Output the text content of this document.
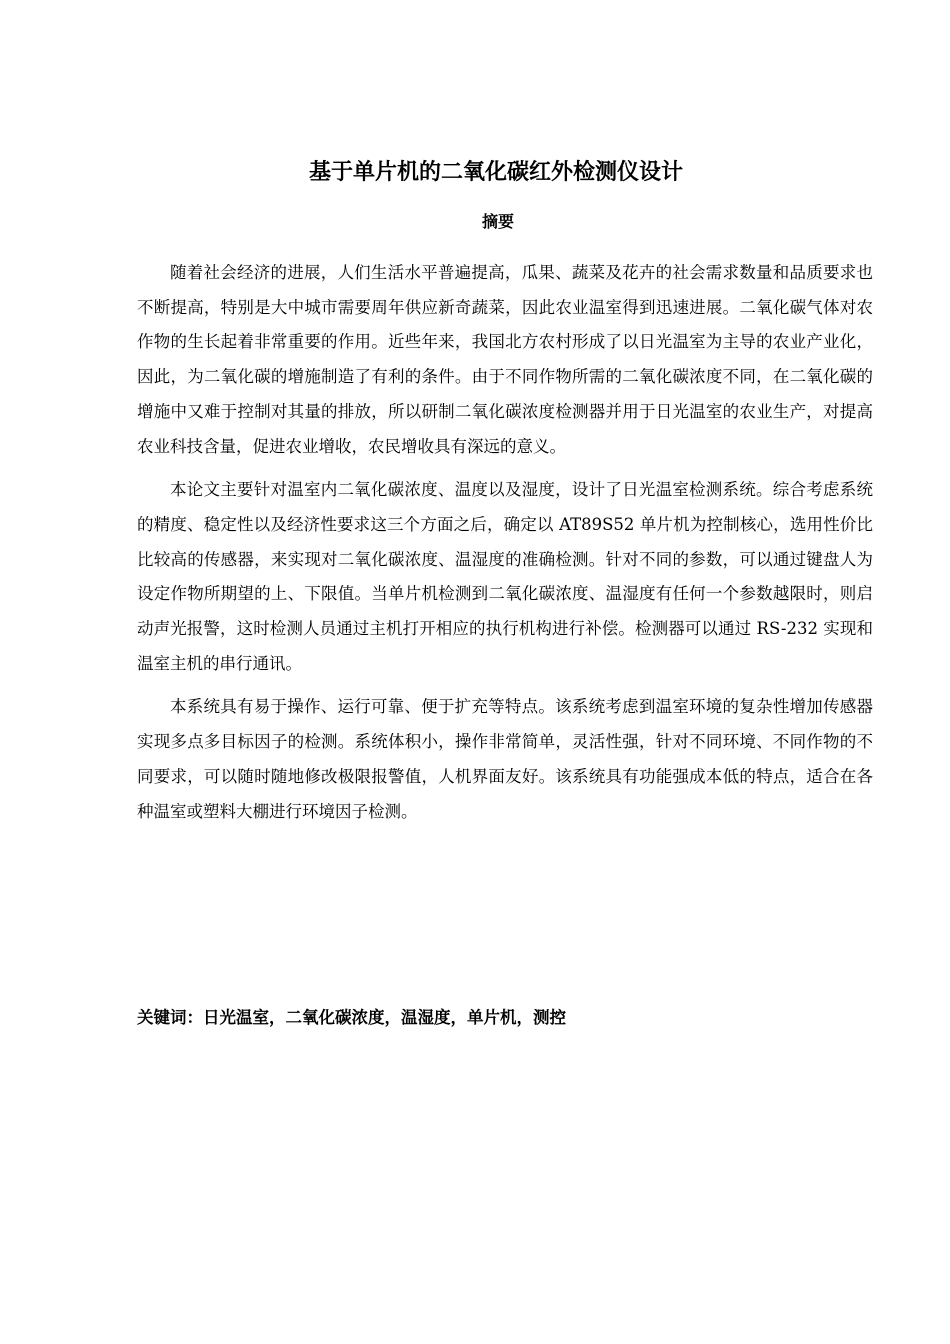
基于单片机的二氧化碳红外检测仪设计
摘要

随着社会经济的进展，人们生活水平普遍提高，瓜果、蔬菜及花卉的社会需求数量和品质要求也不断提高，特别是大中城市需要周年供应新奇蔬菜，因此农业温室得到迅速进展。二氧化碳气体对农作物的生长起着非常重要的作用。近些年来，我国北方农村形成了以日光温室为主导的农业产业化，因此，为二氧化碳的增施制造了有利的条件。由于不同作物所需的二氧化碳浓度不同，在二氧化碳的增施中又难于控制对其量的排放，所以研制二氧化碳浓度检测器并用于日光温室的农业生产，对提高农业科技含量，促进农业增收，农民增收具有深远的意义。

本论文主要针对温室内二氧化碳浓度、温度以及湿度，设计了日光温室检测系统。综合考虑系统的精度、稳定性以及经济性要求这三个方面之后，确定以 AT89S52 单片机为控制核心，选用性价比比较高的传感器，来实现对二氧化碳浓度、温湿度的准确检测。针对不同的参数，可以通过键盘人为设定作物所期望的上、下限值。当单片机检测到二氧化碳浓度、温湿度有任何一个参数越限时，则启动声光报警，这时检测人员通过主机打开相应的执行机构进行补偿。检测器可以通过 RS-232 实现和温室主机的串行通讯。

本系统具有易于操作、运行可靠、便于扩充等特点。该系统考虑到温室环境的复杂性增加传感器实现多点多目标因子的检测。系统体积小，操作非常简单，灵活性强，针对不同环境、不同作物的不同要求，可以随时随地修改极限报警值，人机界面友好。该系统具有功能强成本低的特点，适合在各种温室或塑料大棚进行环境因子检测。

关键词：日光温室，二氧化碳浓度，温湿度，单片机，测控
